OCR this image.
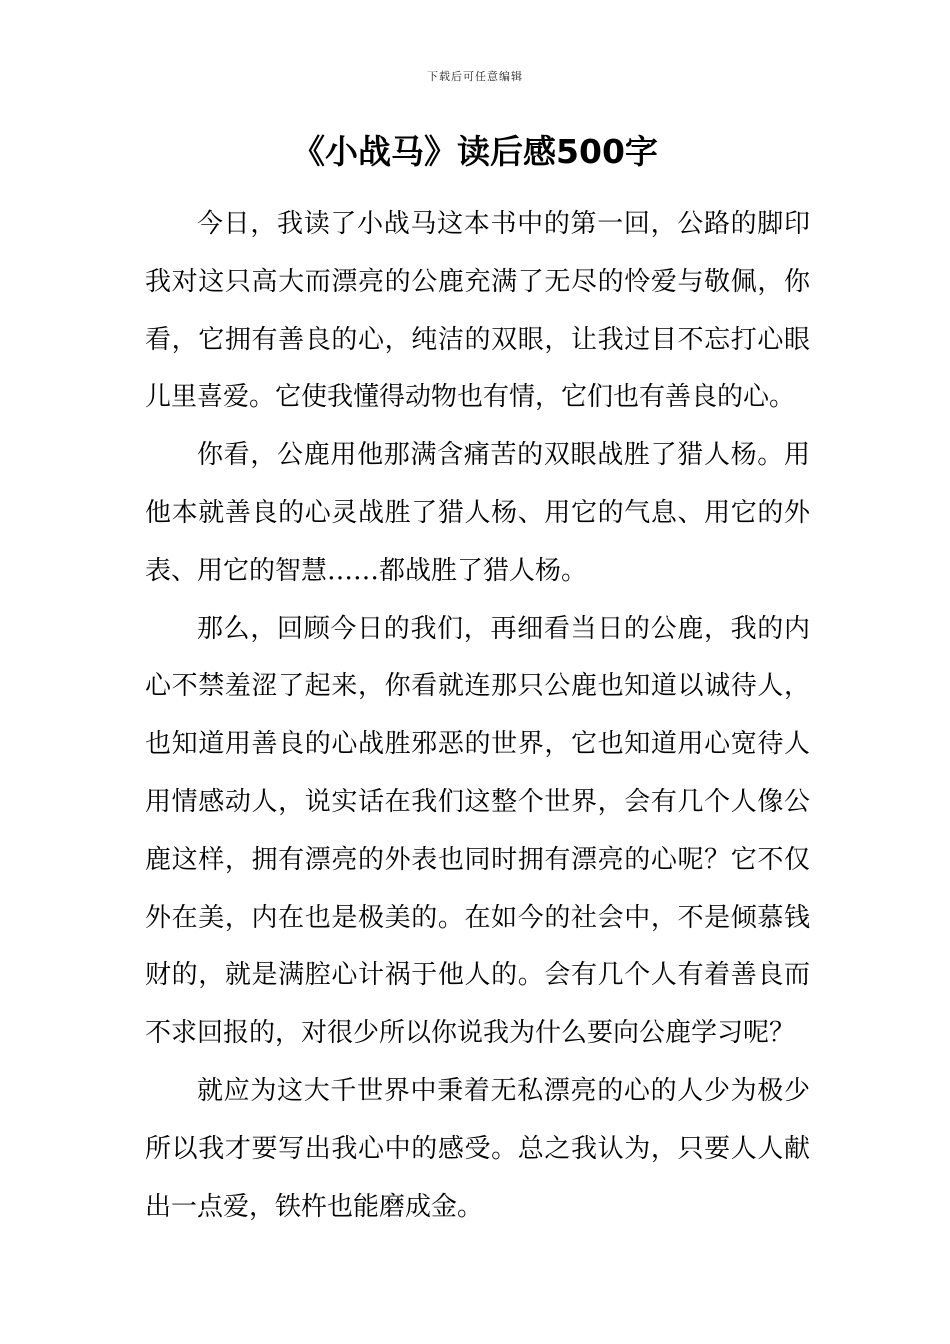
下载后可任意编辑
《小战马》读后感500字

今日，我读了小战马这本书中的第一回，公路的脚印我对这只高大而漂亮的公鹿充满了无尽的怜爱与敬佩，你看，它拥有善良的心，纯洁的双眼，让我过目不忘打心眼儿里喜爱。它使我懂得动物也有情，它们也有善良的心。

你看，公鹿用他那满含痛苦的双眼战胜了猎人杨。用他本就善良的心灵战胜了猎人杨、用它的气息、用它的外表、用它的智慧……都战胜了猎人杨。

那么，回顾今日的我们，再细看当日的公鹿，我的内心不禁羞涩了起来，你看就连那只公鹿也知道以诚待人，也知道用善良的心战胜邪恶的世界，它也知道用心宽待人用情感动人，说实话在我们这整个世界，会有几个人像公鹿这样，拥有漂亮的外表也同时拥有漂亮的心呢？它不仅外在美，内在也是极美的。在如今的社会中，不是倾慕钱财的，就是满腔心计祸于他人的。会有几个人有着善良而不求回报的，对很少所以你说我为什么要向公鹿学习呢？

就应为这大千世界中秉着无私漂亮的心的人少为极少所以我才要写出我心中的感受。总之我认为，只要人人献出一点爱，铁杵也能磨成金。
